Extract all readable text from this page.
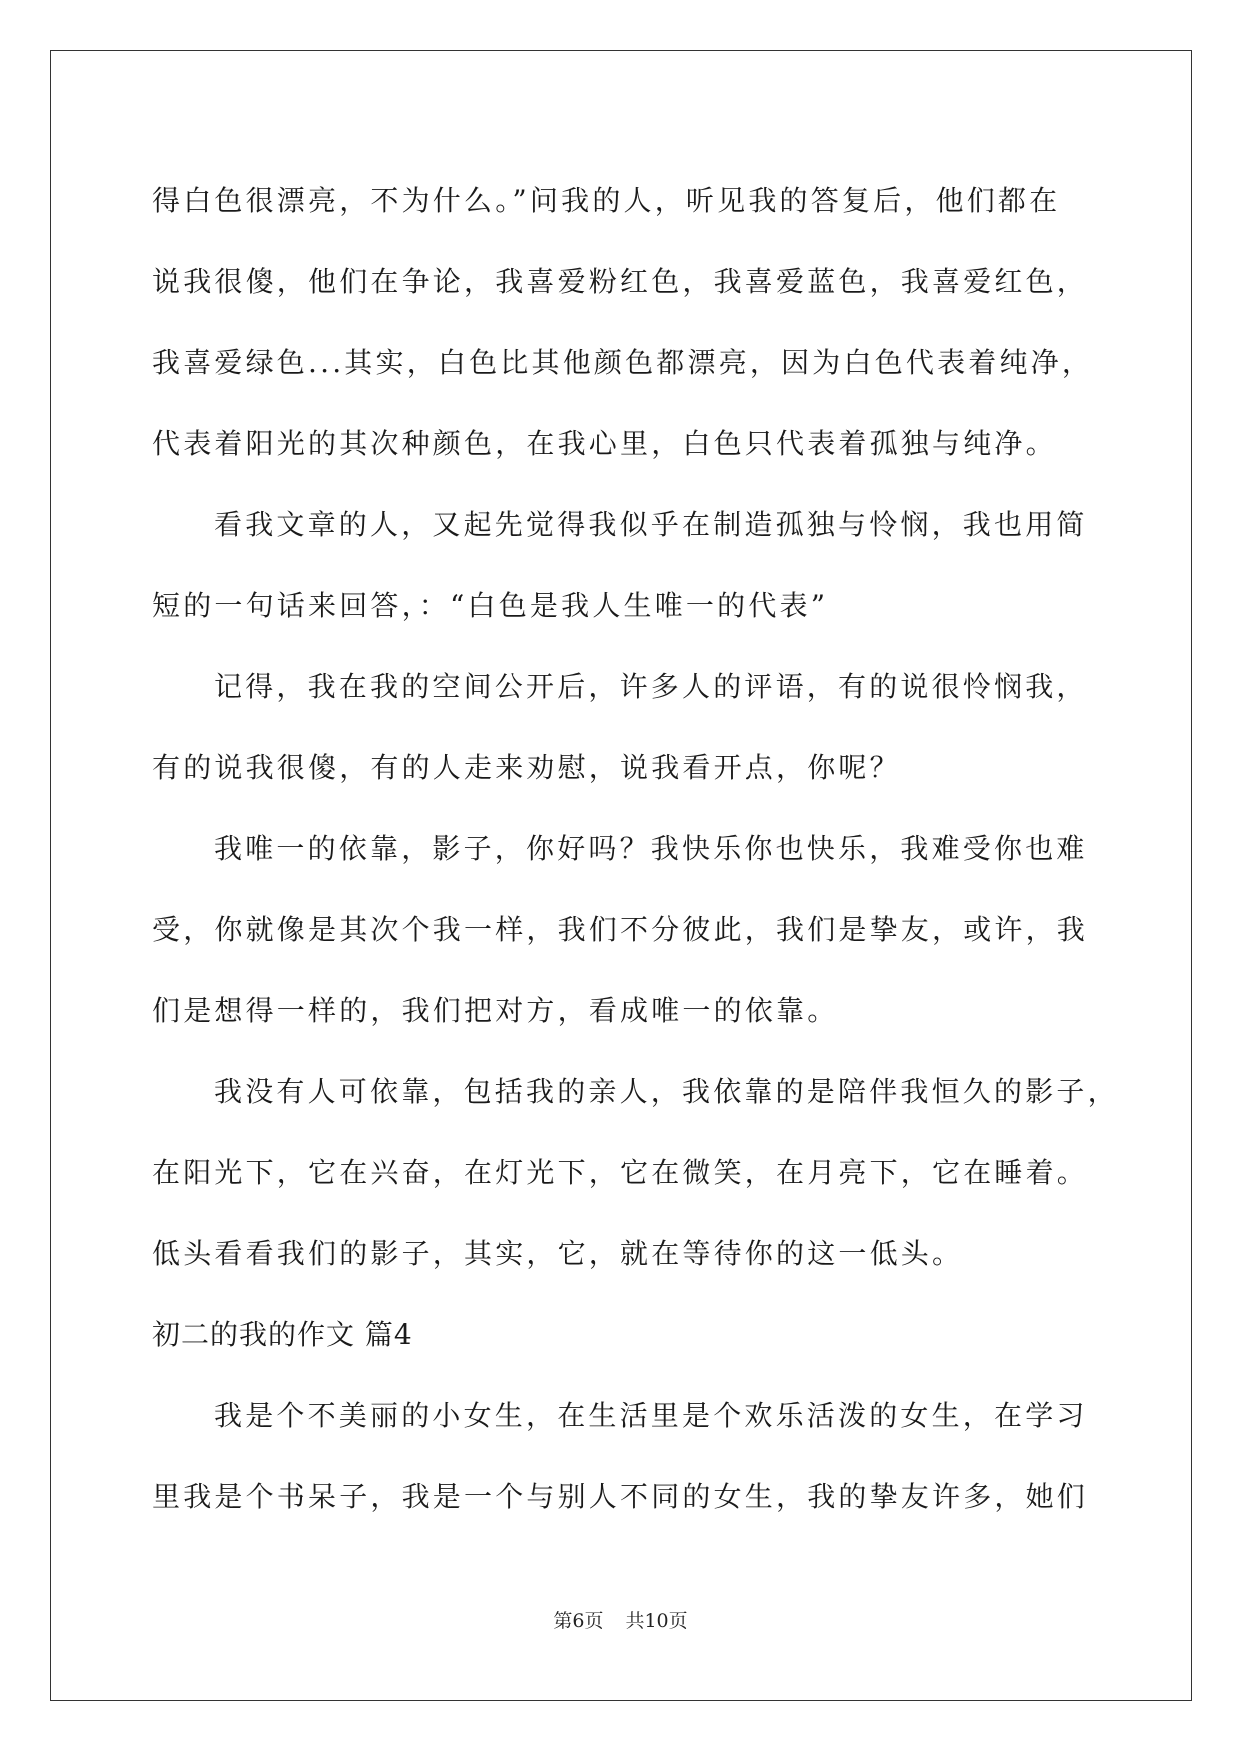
得白色很漂亮，不为什么。”问我的人，听见我的答复后，他们都在
说我很傻，他们在争论，我喜爱粉红色，我喜爱蓝色，我喜爱红色，
我喜爱绿色...其实，白色比其他颜色都漂亮，因为白色代表着纯净，
代表着阳光的其次种颜色，在我心里，白色只代表着孤独与纯净。
看我文章的人，又起先觉得我似乎在制造孤独与怜悯，我也用简
短的一句话来回答，：“白色是我人生唯一的代表”
记得，我在我的空间公开后，许多人的评语，有的说很怜悯我，
有的说我很傻，有的人走来劝慰，说我看开点，你呢？
我唯一的依靠，影子，你好吗？我快乐你也快乐，我难受你也难
受，你就像是其次个我一样，我们不分彼此，我们是挚友，或许，我
们是想得一样的，我们把对方，看成唯一的依靠。
我没有人可依靠，包括我的亲人，我依靠的是陪伴我恒久的影子，
在阳光下，它在兴奋，在灯光下，它在微笑，在月亮下，它在睡着。
低头看看我们的影子，其实，它，就在等待你的这一低头。
初二的我的作文 篇4
我是个不美丽的小女生，在生活里是个欢乐活泼的女生，在学习
里我是个书呆子，我是一个与别人不同的女生，我的挚友许多，她们
第6页 共10页
